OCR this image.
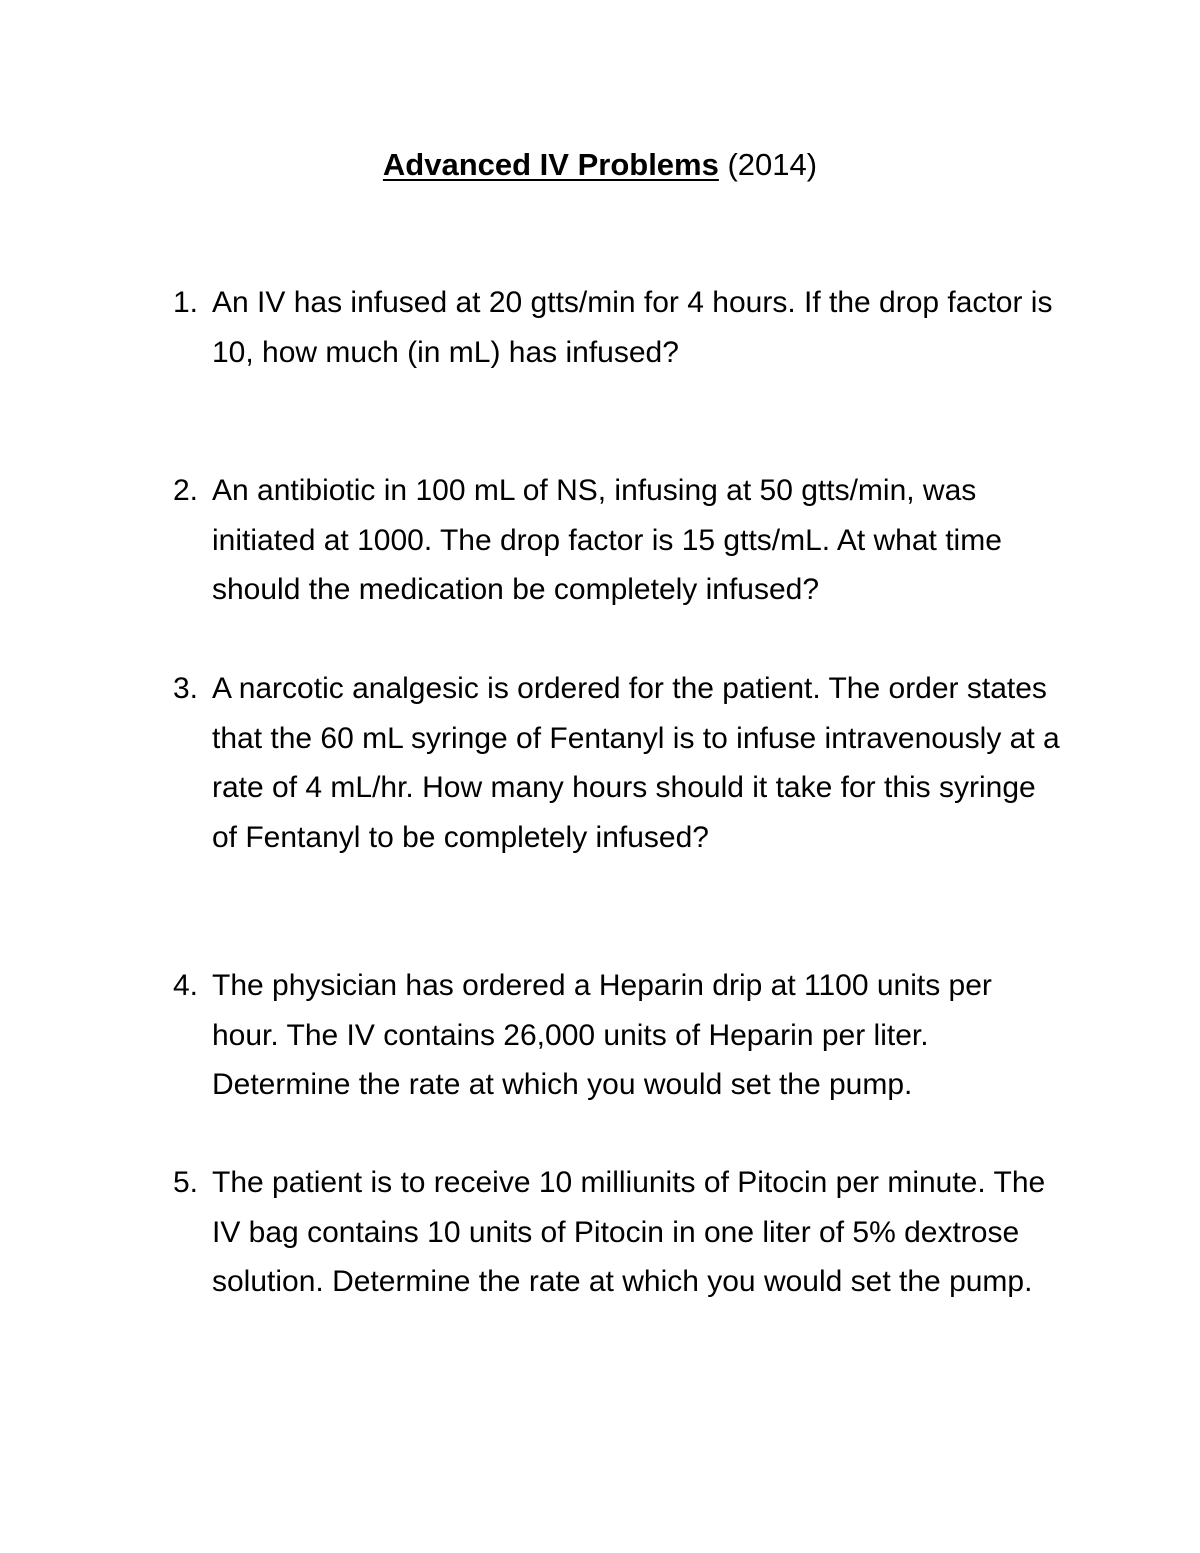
Advanced IV Problems (2014)
1. An IV has infused at 20 gtts/min for 4 hours. If the drop factor is 10, how much (in mL) has infused?
2. An antibiotic in 100 mL of NS, infusing at 50 gtts/min, was initiated at 1000. The drop factor is 15 gtts/mL. At what time should the medication be completely infused?
3. A narcotic analgesic is ordered for the patient. The order states that the 60 mL syringe of Fentanyl is to infuse intravenously at a rate of 4 mL/hr. How many hours should it take for this syringe of Fentanyl to be completely infused?
4. The physician has ordered a Heparin drip at 1100 units per hour. The IV contains 26,000 units of Heparin per liter. Determine the rate at which you would set the pump.
5. The patient is to receive 10 milliunits of Pitocin per minute. The IV bag contains 10 units of Pitocin in one liter of 5% dextrose solution. Determine the rate at which you would set the pump.
